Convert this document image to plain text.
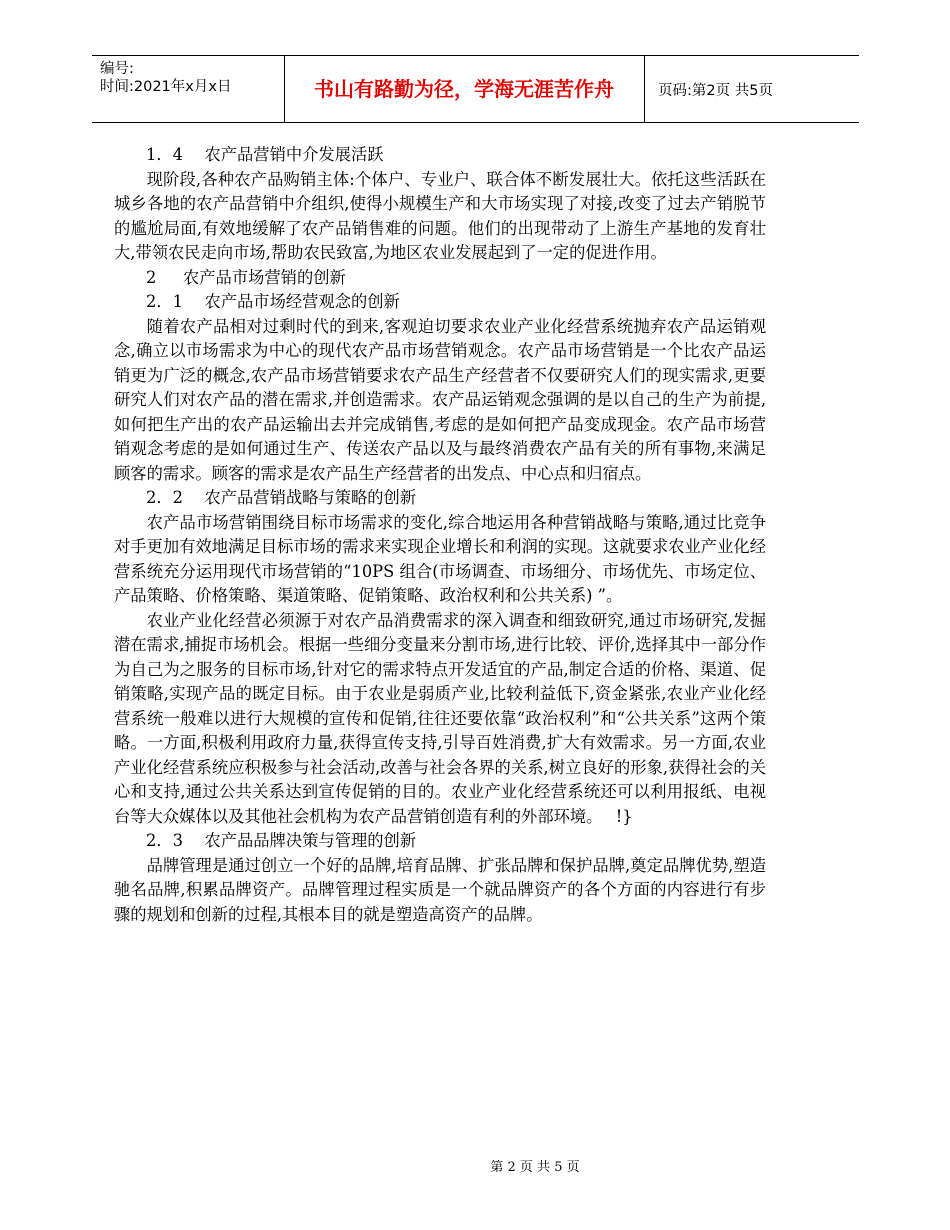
编号:
时间:2021年x月x日	书山有路勤为径，学海无涯苦作舟	页码:第2页 共5页

1．4　 农产品营销中介发展活跃

现阶段,各种农产品购销主体:个体户、专业户、联合体不断发展壮大。依托这些活跃在城乡各地的农产品营销中介组织,使得小规模生产和大市场实现了对接,改变了过去产销脱节的尴尬局面,有效地缓解了农产品销售难的问题。他们的出现带动了上游生产基地的发育壮大,带领农民走向市场,帮助农民致富,为地区农业发展起到了一定的促进作用。

2　  农产品市场营销的创新

2．1　 农产品市场经营观念的创新

随着农产品相对过剩时代的到来,客观迫切要求农业产业化经营系统抛弃农产品运销观念,确立以市场需求为中心的现代农产品市场营销观念。农产品市场营销是一个比农产品运销更为广泛的概念,农产品市场营销要求农产品生产经营者不仅要研究人们的现实需求,更要研究人们对农产品的潜在需求,并创造需求。农产品运销观念强调的是以自己的生产为前提,如何把生产出的农产品运输出去并完成销售,考虑的是如何把产品变成现金。农产品市场营销观念考虑的是如何通过生产、传送农产品以及与最终消费农产品有关的所有事物,来满足顾客的需求。顾客的需求是农产品生产经营者的出发点、中心点和归宿点。

2．2　 农产品营销战略与策略的创新

农产品市场营销围绕目标市场需求的变化,综合地运用各种营销战略与策略,通过比竞争对手更加有效地满足目标市场的需求来实现企业增长和利润的实现。这就要求农业产业化经营系统充分运用现代市场营销的“10PS 组合(市场调查、市场细分、市场优先、市场定位、产品策略、价格策略、渠道策略、促销策略、政治权利和公共关系) ”。

农业产业化经营必须源于对农产品消费需求的深入调查和细致研究,通过市场研究,发掘潜在需求,捕捉市场机会。根据一些细分变量来分割市场,进行比较、评价,选择其中一部分作为自己为之服务的目标市场,针对它的需求特点开发适宜的产品,制定合适的价格、渠道、促销策略,实现产品的既定目标。由于农业是弱质产业,比较利益低下,资金紧张,农业产业化经营系统一般难以进行大规模的宣传和促销,往往还要依靠“政治权利”和“公共关系”这两个策略。一方面,积极利用政府力量,获得宣传支持,引导百姓消费,扩大有效需求。另一方面,农业产业化经营系统应积极参与社会活动,改善与社会各界的关系,树立良好的形象,获得社会的关心和支持,通过公共关系达到宣传促销的目的。农业产业化经营系统还可以利用报纸、电视台等大众媒体以及其他社会机构为农产品营销创造有利的外部环境。　 !}

2．3　 农产品品牌决策与管理的创新

品牌管理是通过创立一个好的品牌,培育品牌、扩张品牌和保护品牌,奠定品牌优势,塑造驰名品牌,积累品牌资产。品牌管理过程实质是一个就品牌资产的各个方面的内容进行有步骤的规划和创新的过程,其根本目的就是塑造高资产的品牌。

第 2 页 共 5 页
